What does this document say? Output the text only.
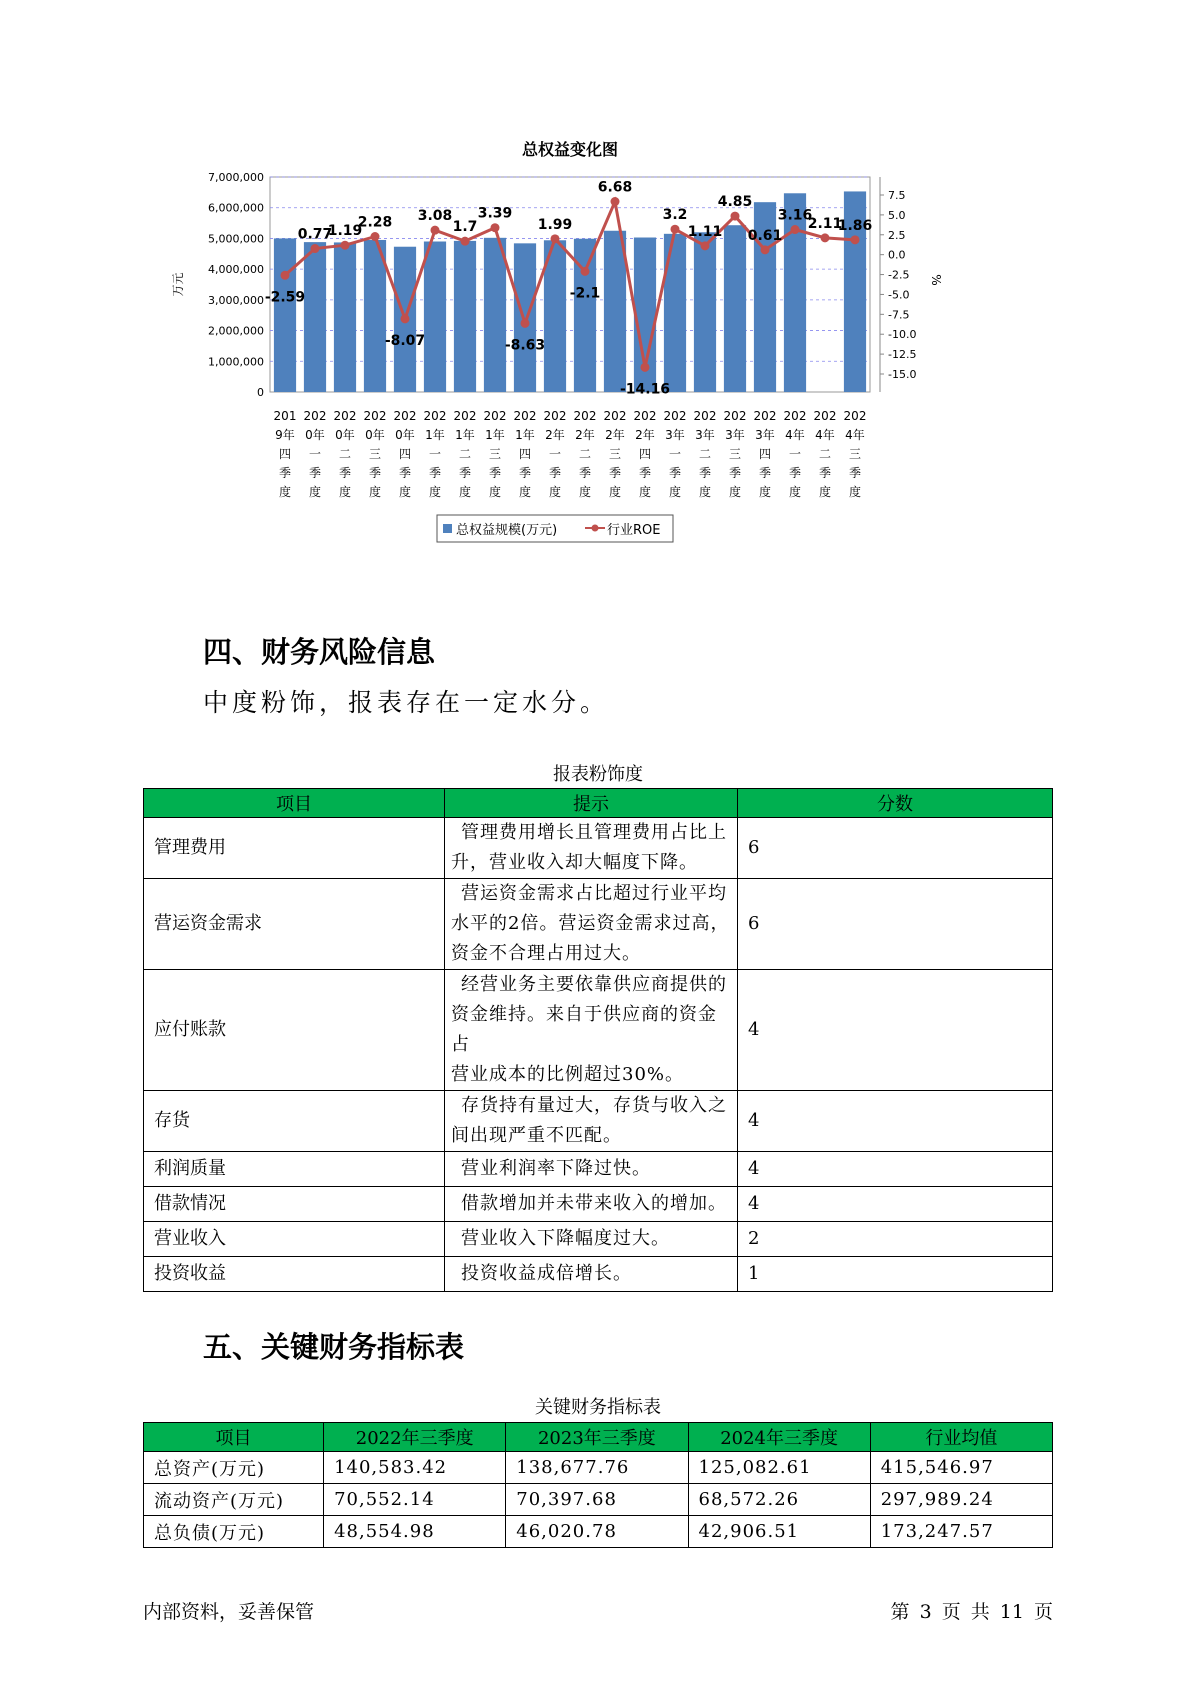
总权益变化图
7,000,000
6,000,000
5,000,000
4,000,000
3,000,000
2,000,000
1,000,000
0
万元
7.5
5.0
2.5
0.0
-2.5
-5.0
-7.5
-10.0
-12.5
-15.0
%
201
9年
四
季
度
202
0年
一
季
度
202
0年
二
季
度
202
0年
三
季
度
202
0年
四
季
度
202
1年
一
季
度
202
1年
二
季
度
202
1年
三
季
度
202
1年
四
季
度
202
2年
一
季
度
202
2年
二
季
度
202
2年
三
季
度
202
2年
四
季
度
202
3年
一
季
度
202
3年
二
季
度
202
3年
三
季
度
202
3年
四
季
度
202
4年
一
季
度
202
4年
二
季
度
202
4年
三
季
度
-2.59
0.77
1.19
2.28
-8.07
3.08
1.7
3.39
-8.63
1.99
-2.1
6.68
-14.16
3.2
1.11
4.85
0.61
3.16
2.11
1.86
总权益规模(万元)	行业ROE
四、财务风险信息
中度粉饰，报表存在一定水分。
报表粉饰度
项目	提示	分数
管理费用	管理费用增长且管理费用占比上
升，营业收入却大幅度下降。	6
营运资金需求	营运资金需求占比超过行业平均
水平的2倍。营运资金需求过高，
资金不合理占用过大。	6
应付账款	经营业务主要依靠供应商提供的
资金维持。来自于供应商的资金占
营业成本的比例超过30%。	4
存货	存货持有量过大，存货与收入之
间出现严重不匹配。	4
利润质量	营业利润率下降过快。	4
借款情况	借款增加并未带来收入的增加。	4
营业收入	营业收入下降幅度过大。	2
投资收益	投资收益成倍增长。	1
五、关键财务指标表
关键财务指标表
项目	2022年三季度	2023年三季度	2024年三季度	行业均值
总资产(万元)	140,583.42	138,677.76	125,082.61	415,546.97
流动资产(万元)	70,552.14	70,397.68	68,572.26	297,989.24
总负债(万元)	48,554.98	46,020.78	42,906.51	173,247.57
内部资料，妥善保管	第 3 页 共 11 页
